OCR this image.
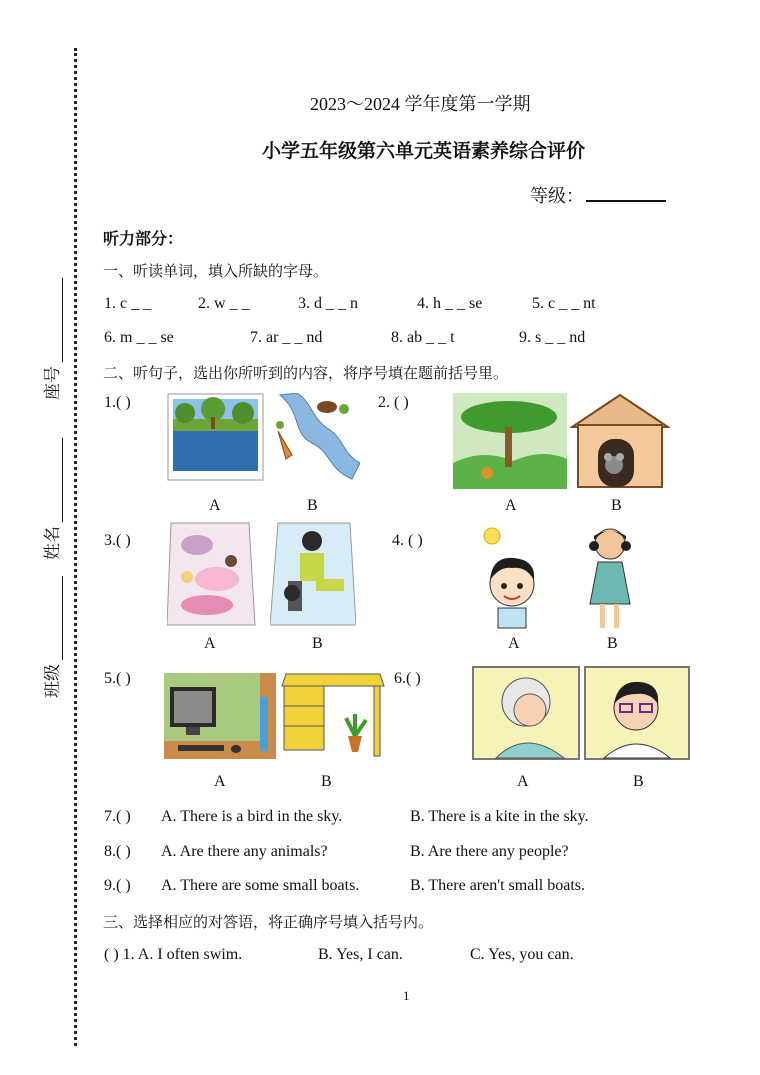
座号
姓名
班级
2023～2024 学年度第一学期
小学五年级第六单元英语素养综合评价
等级：
听力部分：
一、听读单词，填入所缺的字母。
1. c _ _	2. w _ _	3. d _ _ n	4. h _ _ se	5. c _ _ nt
6. m _ _ se	7. ar _ _ nd	8. ab _ _ t	9. s _ _ nd
二、听句子，选出你所听到的内容，将序号填在题前括号里。
1.( )
A	B
2. ( )
A	B
3.( )
A	B
4. ( )
A	B
5.( )
A	B
6.( )
A	B
7.( ) A. There is a bird in the sky.	B. There is a kite in the sky.
8.( ) A. Are there any animals?	B. Are there any people?
9.( ) A. There are some small boats.	B. There aren't small boats.
三、选择相应的对答语，将正确序号填入括号内。
( ) 1. A. I often swim.	B. Yes, I can.	C. Yes, you can.
1
